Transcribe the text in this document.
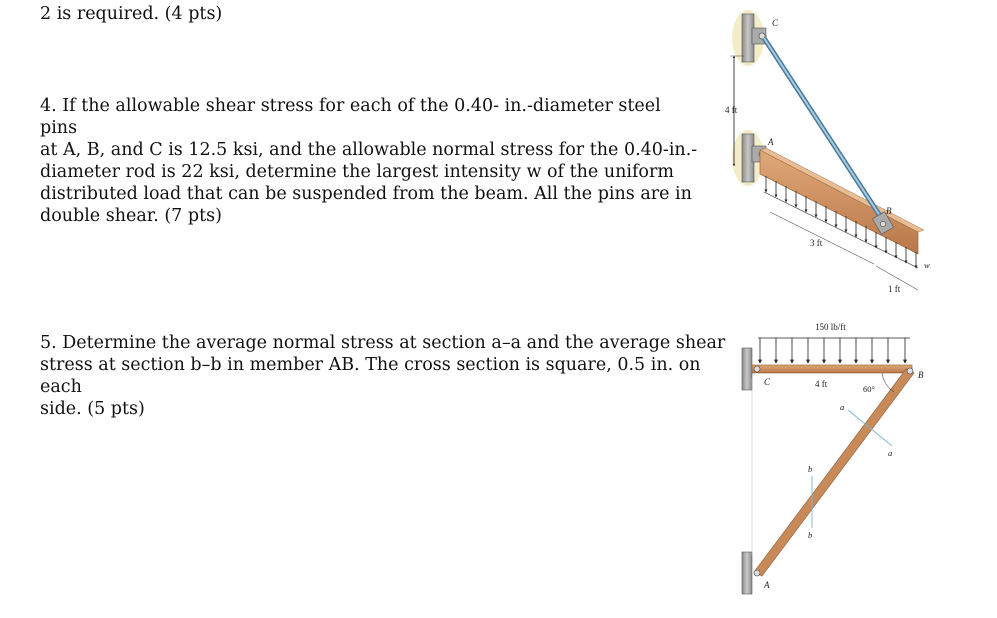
2 is required. (4 pts)
4. If the allowable shear stress for each of the 0.40- in.-diameter steel pins
at A, B, and C is 12.5 ksi, and the allowable normal stress for the 0.40-in.-
diameter rod is 22 ksi, determine the largest intensity w of the uniform
distributed load that can be suspended from the beam. All the pins are in
double shear. (7 pts)
5. Determine the average normal stress at section a–a and the average shear
stress at section b–b in member AB. The cross section is square, 0.5 in. on each
side. (5 pts)
4 ft
3 ft
1 ft
C
A
B
w
150 lb/ft
4 ft	60°
B
C
A
a
a
b
b
